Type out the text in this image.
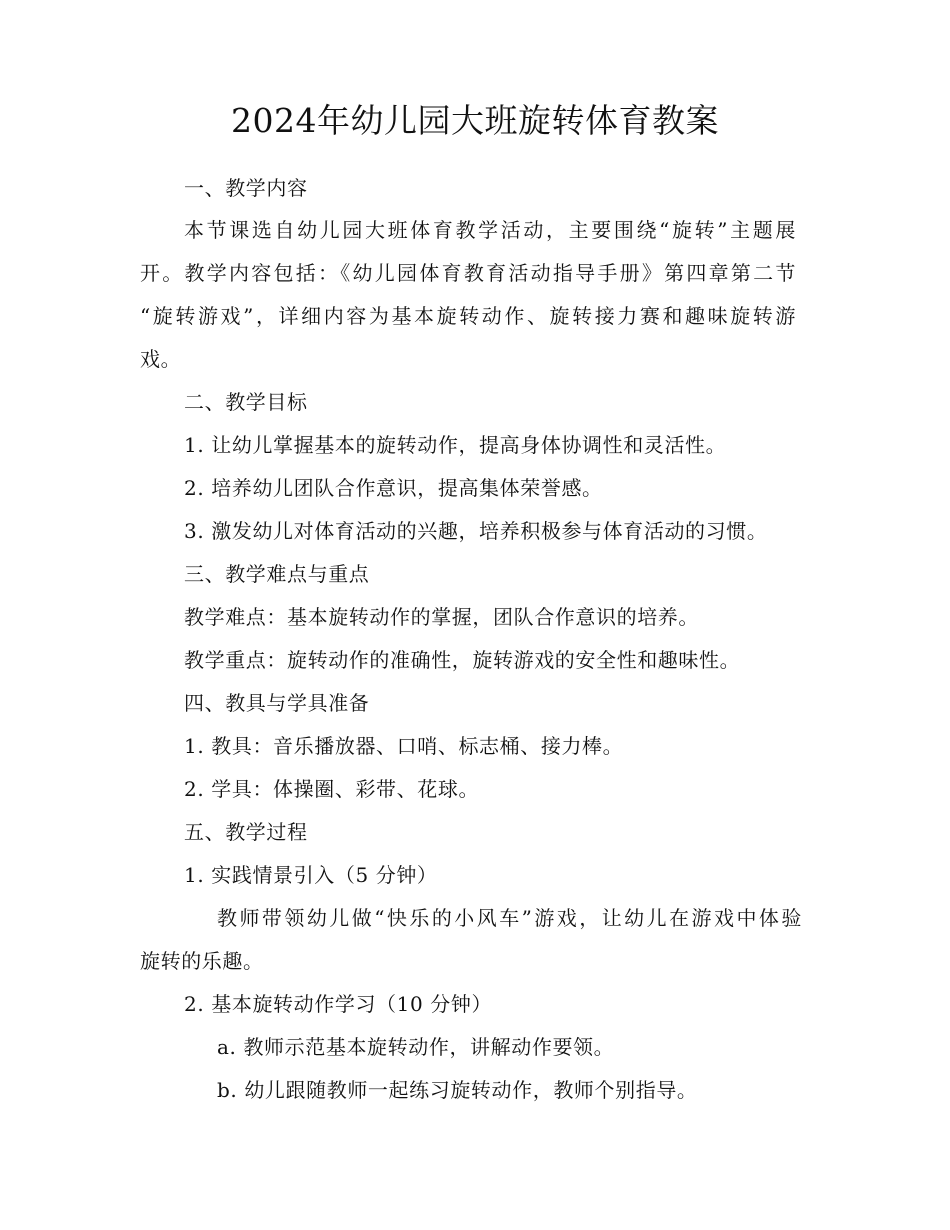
2024年幼儿园大班旋转体育教案
一、教学内容
本节课选自幼儿园大班体育教学活动，主要围绕“旋转”主题展
开。教学内容包括：《幼儿园体育教育活动指导手册》第四章第二节
“旋转游戏”，详细内容为基本旋转动作、旋转接力赛和趣味旋转游
戏。
二、教学目标
1. 让幼儿掌握基本的旋转动作，提高身体协调性和灵活性。
2. 培养幼儿团队合作意识，提高集体荣誉感。
3. 激发幼儿对体育活动的兴趣，培养积极参与体育活动的习惯。
三、教学难点与重点
教学难点：基本旋转动作的掌握，团队合作意识的培养。
教学重点：旋转动作的准确性，旋转游戏的安全性和趣味性。
四、教具与学具准备
1. 教具：音乐播放器、口哨、标志桶、接力棒。
2. 学具：体操圈、彩带、花球。
五、教学过程
1. 实践情景引入（5 分钟）
教师带领幼儿做“快乐的小风车”游戏，让幼儿在游戏中体验
旋转的乐趣。
2. 基本旋转动作学习（10 分钟）
a. 教师示范基本旋转动作，讲解动作要领。
b. 幼儿跟随教师一起练习旋转动作，教师个别指导。
